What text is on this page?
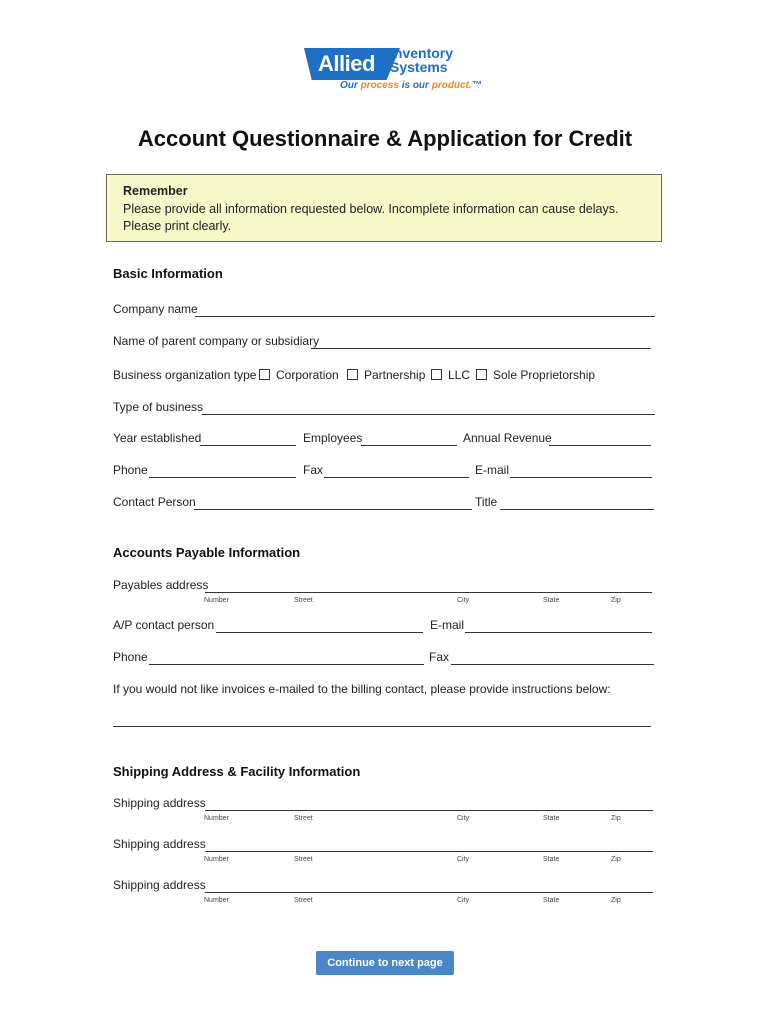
Allied Inventory
Systems
Our process is our product.™
Account Questionnaire & Application for Credit
Remember
Please provide all information requested below. Incomplete information can cause delays.
Please print clearly.
Basic Information
Company name
Name of parent company or subsidiary
Business organization type	Corporation	Partnership	LLC	Sole Proprietorship
Type of business
Year established	Employees	Annual Revenue
Phone	Fax	E-mail
Contact Person	Title
Accounts Payable Information
Payables address
Number	Street	City	State	Zip
A/P contact person	E-mail
Phone	Fax
If you would not like invoices e-mailed to the billing contact, please provide instructions below:
Shipping Address & Facility Information
Shipping address
Number	Street	City	State	Zip
Shipping address
Number	Street	City	State	Zip
Shipping address
Number	Street	City	State	Zip
Continue to next page
